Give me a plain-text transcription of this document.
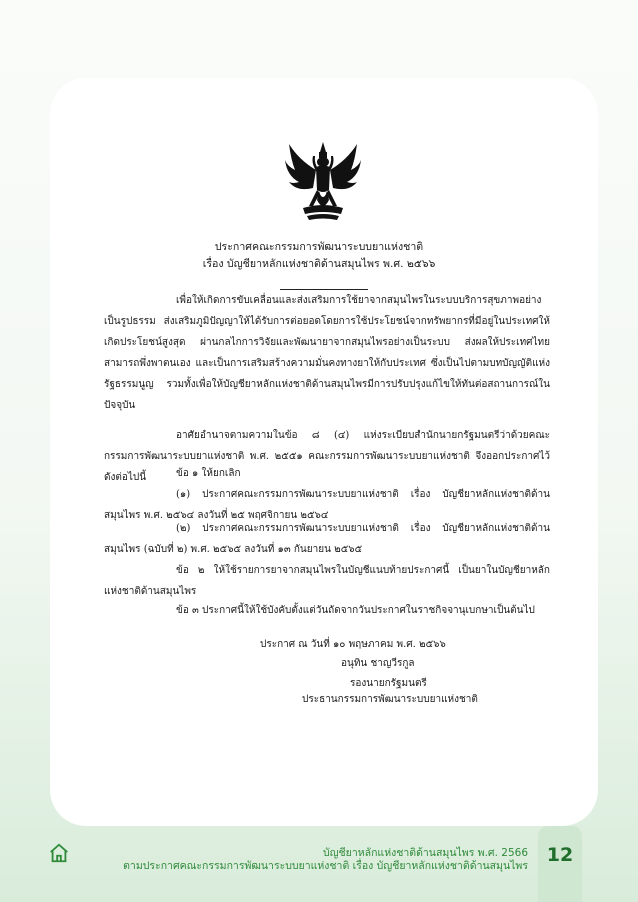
ประกาศคณะกรรมการพัฒนาระบบยาแห่งชาติ
เรื่อง บัญชียาหลักแห่งชาติด้านสมุนไพร พ.ศ. ๒๕๖๖
เพื่อให้เกิดการขับเคลื่อนและส่งเสริมการใช้ยาจากสมุนไพรในระบบบริการสุขภาพอย่างเป็นรูปธรรม ส่งเสริมภูมิปัญญาให้ได้รับการต่อยอดโดยการใช้ประโยชน์จากทรัพยากรที่มีอยู่ในประเทศให้เกิดประโยชน์สูงสุด ผ่านกลไกการวิจัยและพัฒนายาจากสมุนไพรอย่างเป็นระบบ ส่งผลให้ประเทศไทยสามารถพึ่งพาตนเอง และเป็นการเสริมสร้างความมั่นคงทางยาให้กับประเทศ ซึ่งเป็นไปตามบทบัญญัติแห่งรัฐธรรมนูญ รวมทั้งเพื่อให้บัญชียาหลักแห่งชาติด้านสมุนไพรมีการปรับปรุงแก้ไขให้ทันต่อสถานการณ์ในปัจจุบัน
อาศัยอำนาจตามความในข้อ ๘ (๔) แห่งระเบียบสำนักนายกรัฐมนตรีว่าด้วยคณะกรรมการพัฒนาระบบยาแห่งชาติ พ.ศ. ๒๕๕๑ คณะกรรมการพัฒนาระบบยาแห่งชาติ จึงออกประกาศไว้ ดังต่อไปนี้	ข้อ ๑ ให้ยกเลิก
(๑) ประกาศคณะกรรมการพัฒนาระบบยาแห่งชาติ เรื่อง บัญชียาหลักแห่งชาติด้านสมุนไพร พ.ศ. ๒๕๖๔ ลงวันที่ ๒๕ พฤศจิกายน ๒๕๖๔
(๒) ประกาศคณะกรรมการพัฒนาระบบยาแห่งชาติ เรื่อง บัญชียาหลักแห่งชาติด้านสมุนไพร (ฉบับที่ ๒) พ.ศ. ๒๕๖๕ ลงวันที่ ๑๓ กันยายน ๒๕๖๕
ข้อ ๒ ให้ใช้รายการยาจากสมุนไพรในบัญชีแนบท้ายประกาศนี้ เป็นยาในบัญชียาหลักแห่งชาติด้านสมุนไพร
ข้อ ๓ ประกาศนี้ให้ใช้บังคับตั้งแต่วันถัดจากวันประกาศในราชกิจจานุเบกษาเป็นต้นไป
ประกาศ ณ วันที่ ๑๐ พฤษภาคม พ.ศ. ๒๕๖๖
อนุทิน ชาญวีรกูล
รองนายกรัฐมนตรี
ประธานกรรมการพัฒนาระบบยาแห่งชาติ
บัญชียาหลักแห่งชาติด้านสมุนไพร พ.ศ. 2566
ตามประกาศคณะกรรมการพัฒนาระบบยาแห่งชาติ เรื่อง บัญชียาหลักแห่งชาติด้านสมุนไพร 12
